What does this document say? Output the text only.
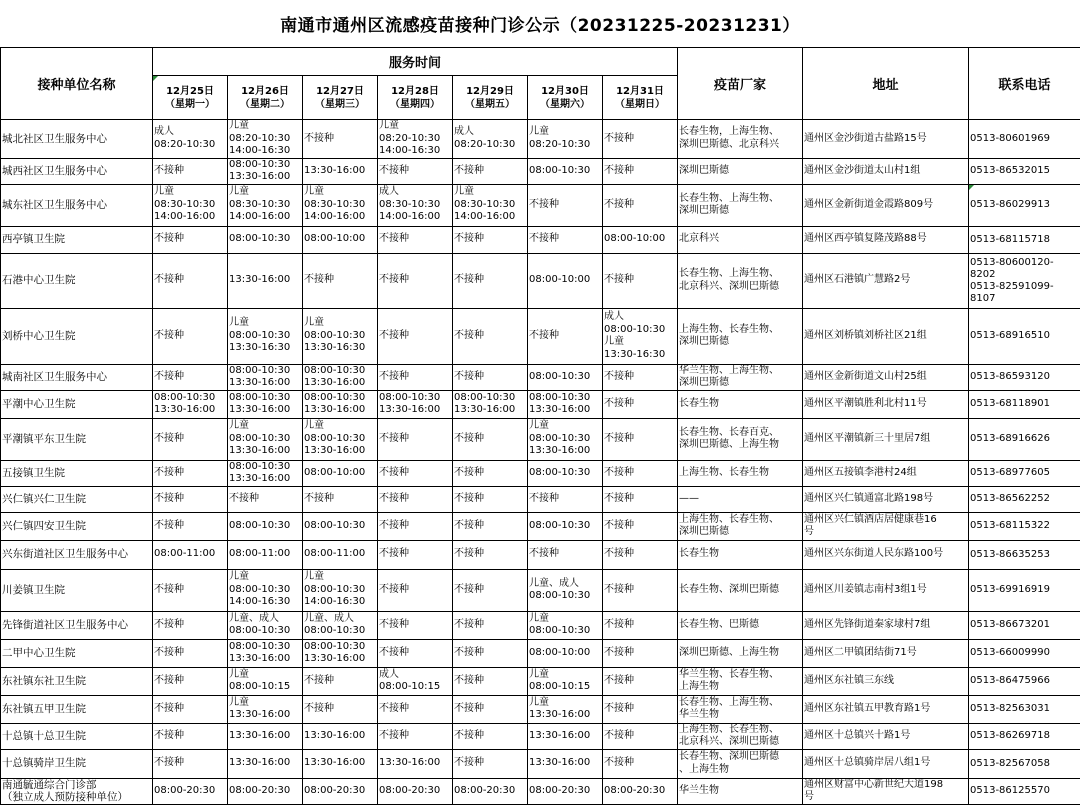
南通市通州区流感疫苗接种门诊公示（20231225-20231231）
接种单位名称	服务时间							疫苗厂家	地址	联系电话
	12月25日
（星期一）	12月26日
（星期二）	12月27日
（星期三）	12月28日
（星期四）	12月29日
（星期五）	12月30日
（星期六）	12月31日
（星期日）			
城北社区卫生服务中心	成人
08:20-10:30	儿童
08:20-10:30
14:00-16:30	不接种	儿童
08:20-10:30
14:00-16:30	成人
08:20-10:30	儿童
08:20-10:30	不接种	长春生物，上海生物、
深圳巴斯德、北京科兴	通州区金沙街道古盐路15号	0513-80601969
城西社区卫生服务中心	不接种	08:00-10:30
13:30-16:00	13:30-16:00	不接种	不接种	08:00-10:30	不接种	深圳巴斯德	通州区金沙街道太山村1组	0513-86532015
城东社区卫生服务中心	儿童
08:30-10:30
14:00-16:00	儿童
08:30-10:30
14:00-16:00	儿童
08:30-10:30
14:00-16:00	成人
08:30-10:30
14:00-16:00	儿童
08:30-10:30
14:00-16:00	不接种	不接种	长春生物、上海生物、
深圳巴斯德	通州区金新街道金霞路809号	0513-86029913
西亭镇卫生院	不接种	08:00-10:30	08:00-10:00	不接种	不接种	不接种	08:00-10:00	北京科兴	通州区西亭镇复隆茂路88号	0513-68115718
石港中心卫生院	不接种	13:30-16:00	不接种	不接种	不接种	08:00-10:00	不接种	长春生物、上海生物、
北京科兴、深圳巴斯德	通州区石港镇广慧路2号	0513-80600120-
8202
0513-82591099-
8107
刘桥中心卫生院	不接种	儿童
08:00-10:30
13:30-16:30	儿童
08:00-10:30
13:30-16:30	不接种	不接种	不接种	成人
08:00-10:30
儿童
13:30-16:30	上海生物、长春生物、
深圳巴斯德	通州区刘桥镇刘桥社区21组	0513-68916510
城南社区卫生服务中心	不接种	08:00-10:30
13:30-16:00	08:00-10:30
13:30-16:00	不接种	不接种	08:00-10:30	不接种	华兰生物、上海生物、
深圳巴斯德	通州区金新街道文山村25组	0513-86593120
平潮中心卫生院	08:00-10:30
13:30-16:00	08:00-10:30
13:30-16:00	08:00-10:30
13:30-16:00	08:00-10:30
13:30-16:00	08:00-10:30
13:30-16:00	08:00-10:30
13:30-16:00	不接种	长春生物	通州区平潮镇胜利北村11号	0513-68118901
平潮镇平东卫生院	不接种	儿童
08:00-10:30
13:30-16:00	儿童
08:00-10:30
13:30-16:00	不接种	不接种	儿童
08:00-10:30
13:30-16:00	不接种	长春生物、长春百克、
深圳巴斯德、上海生物	通州区平潮镇新三十里居7组	0513-68916626
五接镇卫生院	不接种	08:00-10:30
13:30-16:00	08:00-10:00	不接种	不接种	08:00-10:30	不接种	上海生物、长春生物	通州区五接镇李港村24组	0513-68977605
兴仁镇兴仁卫生院	不接种	不接种	不接种	不接种	不接种	不接种	不接种	——	通州区兴仁镇通富北路198号	0513-86562252
兴仁镇四安卫生院	不接种	08:00-10:30	08:00-10:30	不接种	不接种	08:00-10:30	不接种	上海生物、长春生物、
深圳巴斯德	通州区兴仁镇酒店居健康巷16
号	0513-68115322
兴东街道社区卫生服务中心	08:00-11:00	08:00-11:00	08:00-11:00	不接种	不接种	不接种	不接种	长春生物	通州区兴东街道人民东路100号	0513-86635253
川姜镇卫生院	不接种	儿童
08:00-10:30
14:00-16:30	儿童
08:00-10:30
14:00-16:30	不接种	不接种	儿童、成人
08:00-10:30	不接种	长春生物、深圳巴斯德	通州区川姜镇志南村3组1号	0513-69916919
先锋街道社区卫生服务中心	不接种	儿童、成人
08:00-10:30	儿童、成人
08:00-10:30	不接种	不接种	儿童
08:00-10:30	不接种	长春生物、巴斯德	通州区先锋街道秦家埭村7组	0513-86673201
二甲中心卫生院	不接种	08:00-10:30
13:30-16:00	08:00-10:30
13:30-16:00	不接种	不接种	08:00-10:00	不接种	深圳巴斯德、上海生物	通州区二甲镇团结街71号	0513-66009990
东社镇东社卫生院	不接种	儿童
08:00-10:15	不接种	成人
08:00-10:15	不接种	儿童
08:00-10:15	不接种	华兰生物、长春生物、
上海生物	通州区东社镇三东线	0513-86475966
东社镇五甲卫生院	不接种	儿童
13:30-16:00	不接种	不接种	不接种	儿童
13:30-16:00	不接种	长春生物、上海生物、
华兰生物	通州区东社镇五甲教育路1号	0513-82563031
十总镇十总卫生院	不接种	13:30-16:00	13:30-16:00	不接种	不接种	13:30-16:00	不接种	上海生物、长春生物、
北京科兴、深圳巴斯德	通州区十总镇兴十路1号	0513-86269718
十总镇骑岸卫生院	不接种	13:30-16:00	13:30-16:00	13:30-16:00	不接种	13:30-16:00	不接种	长春生物、深圳巴斯德
、上海生物	通州区十总镇骑岸居八组1号	0513-82567058
南通毓通综合门诊部
（独立成人预防接种单位）	08:00-20:30	08:00-20:30	08:00-20:30	08:00-20:30	08:00-20:30	08:00-20:30	08:00-20:30	华兰生物	通州区财富中心新世纪大道198
号	0513-86125570
